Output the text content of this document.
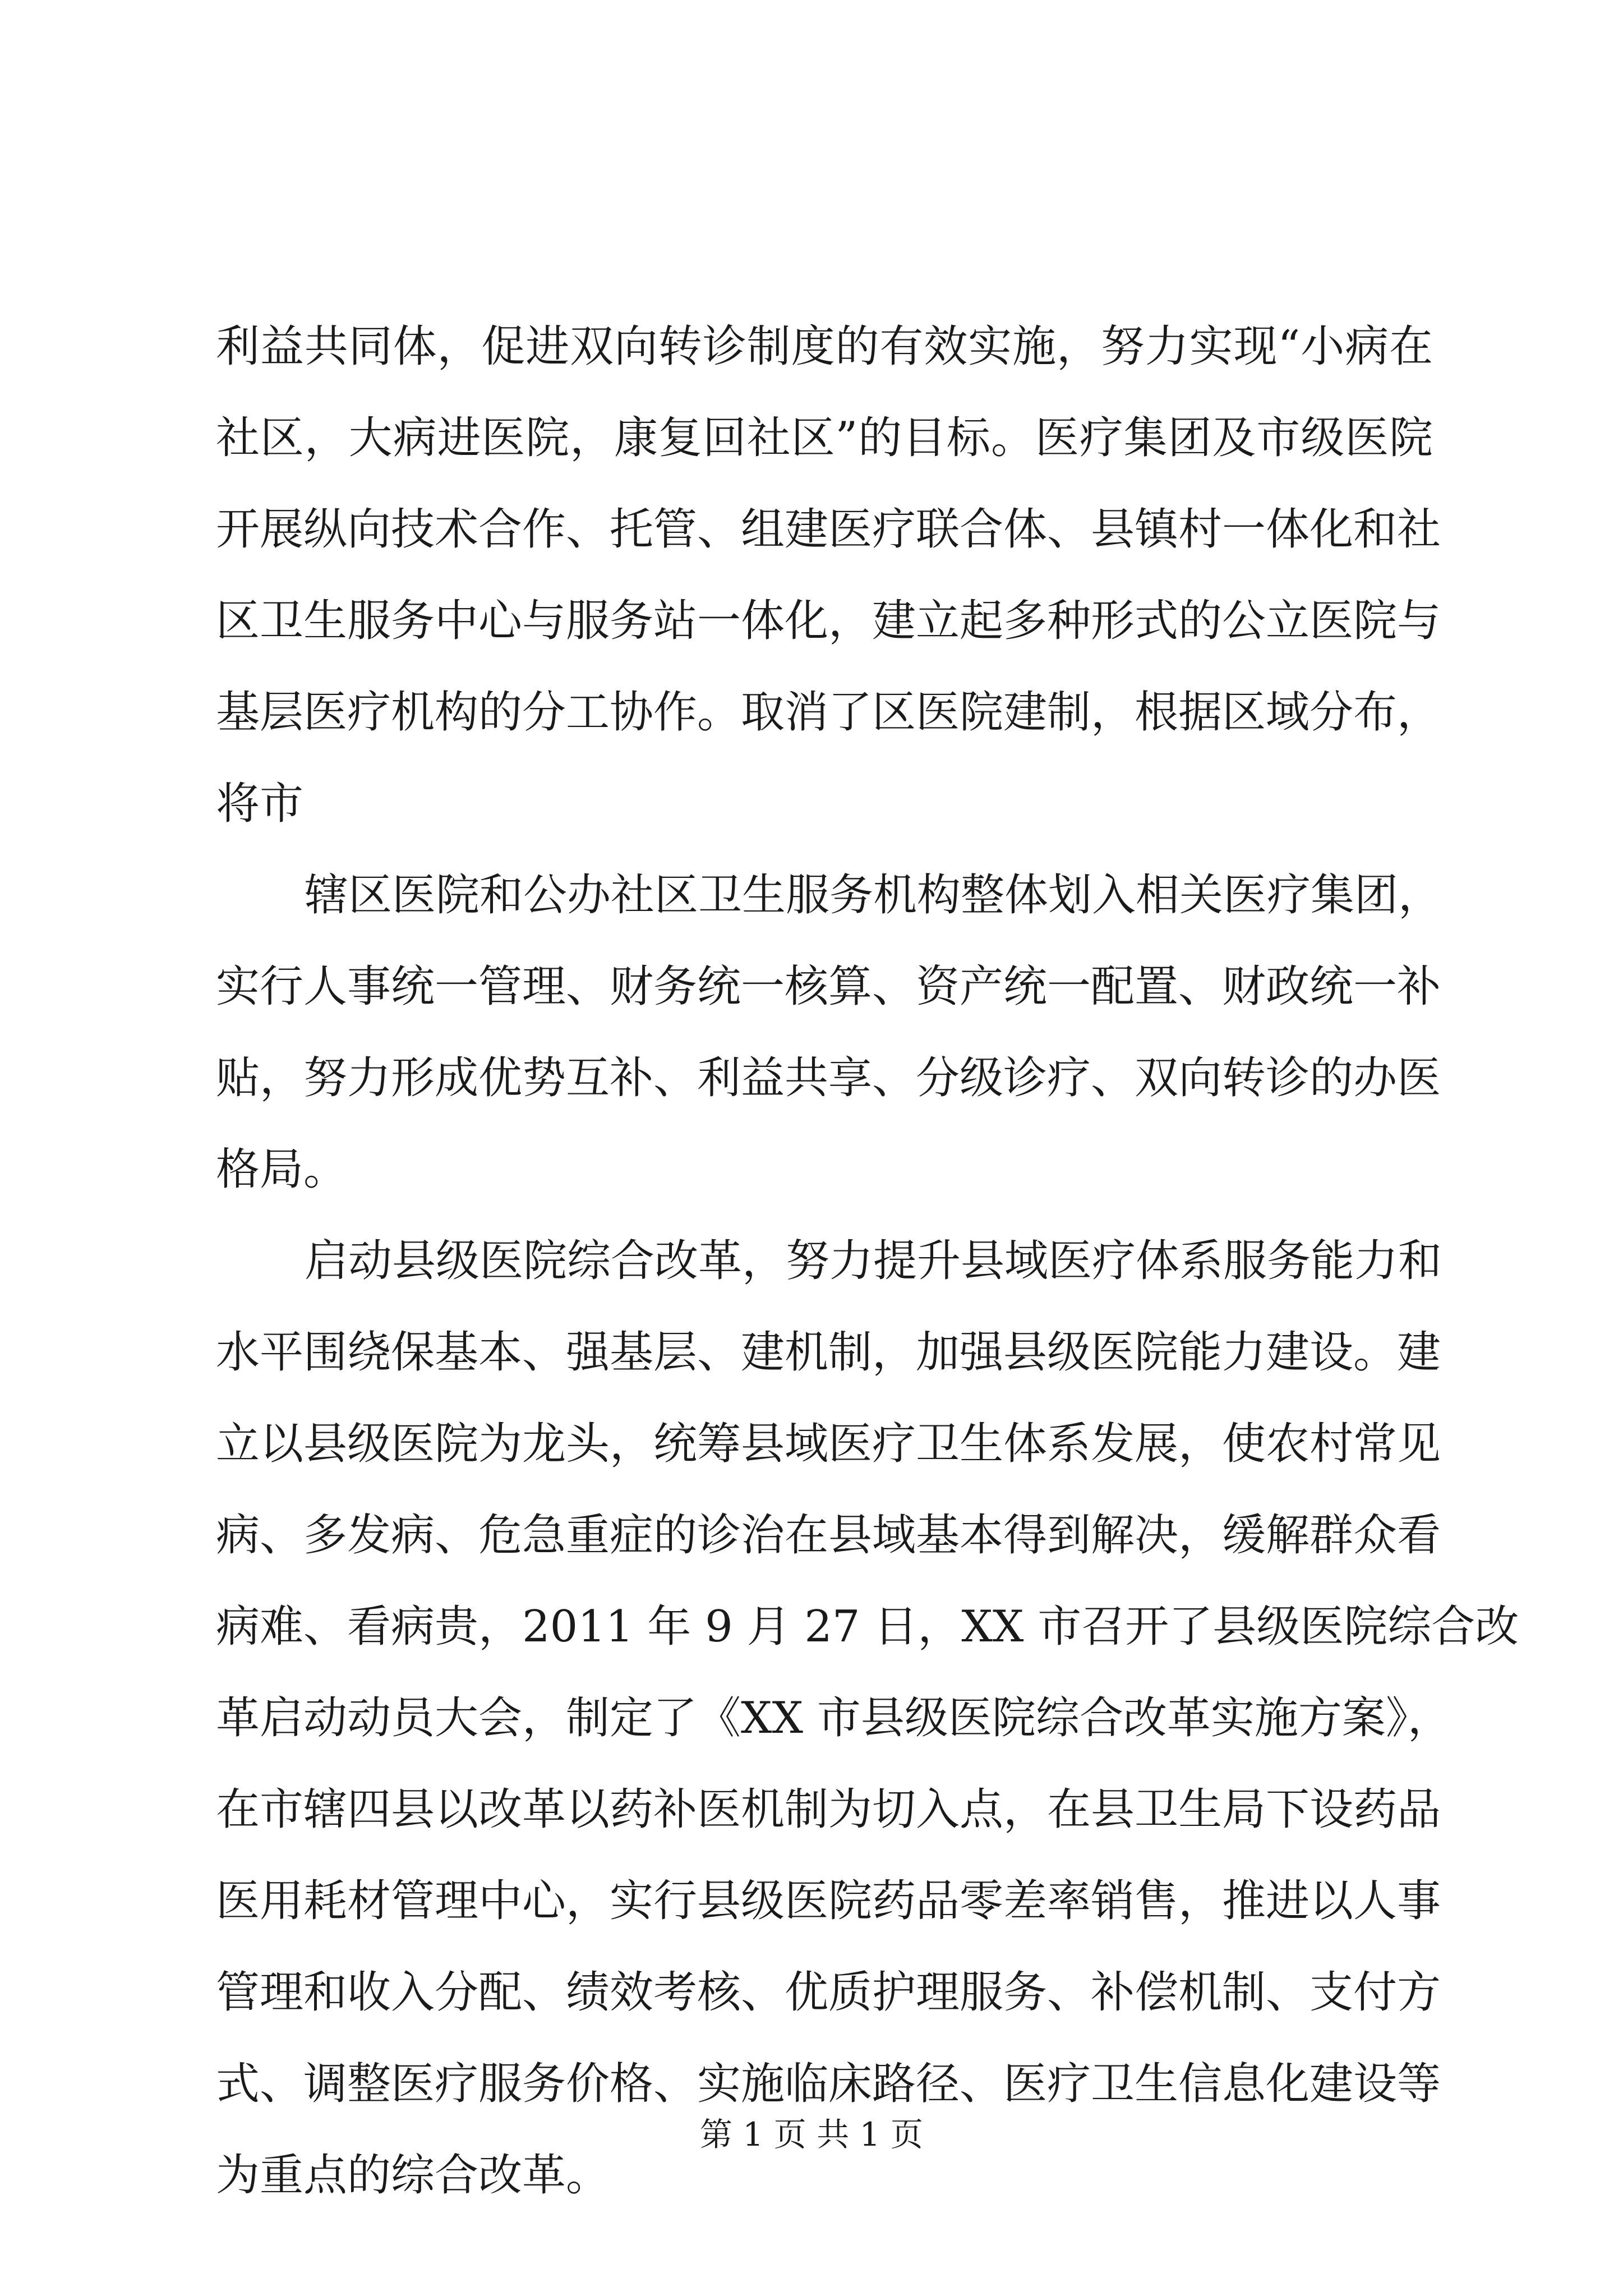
利益共同体，促进双向转诊制度的有效实施，努力实现“小病在
社区，大病进医院，康复回社区”的目标。医疗集团及市级医院
开展纵向技术合作、托管、组建医疗联合体、县镇村一体化和社
区卫生服务中心与服务站一体化，建立起多种形式的公立医院与
基层医疗机构的分工协作。取消了区医院建制，根据区域分布，
将市

辖区医院和公办社区卫生服务机构整体划入相关医疗集团，
实行人事统一管理、财务统一核算、资产统一配置、财政统一补
贴，努力形成优势互补、利益共享、分级诊疗、双向转诊的办医
格局。

启动县级医院综合改革，努力提升县域医疗体系服务能力和
水平围绕保基本、强基层、建机制，加强县级医院能力建设。建
立以县级医院为龙头，统筹县域医疗卫生体系发展，使农村常见
病、多发病、危急重症的诊治在县域基本得到解决，缓解群众看
病难、看病贵，2011 年 9 月 27 日，XX 市召开了县级医院综合改
革启动动员大会，制定了《XX 市县级医院综合改革实施方案》，
在市辖四县以改革以药补医机制为切入点，在县卫生局下设药品
医用耗材管理中心，实行县级医院药品零差率销售，推进以人事
管理和收入分配、绩效考核、优质护理服务、补偿机制、支付方
式、调整医疗服务价格、实施临床路径、医疗卫生信息化建设等
为重点的综合改革。

第 1 页 共 1 页
